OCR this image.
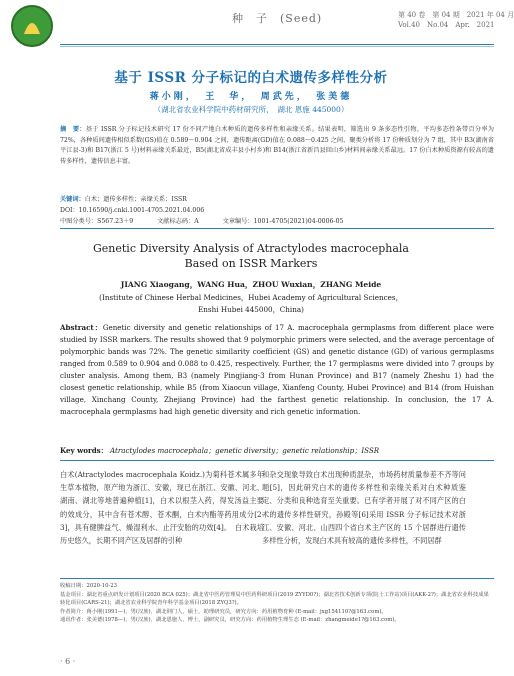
种　子　(Seed)	第 40 卷　第 04 期　2021 年 04 月
Vol.40　No.04　Apr.　2021
基于 ISSR 分子标记的白术遗传多样性分析
蒋小刚，　王　华，　周武先，　张美德
（湖北省农业科学院中药材研究所，　湖北 恩施 445000）
摘　要：基于 ISSR 分子标记技术研究 17 份不同产地白术种质的遗传多样性和亲缘关系。结果表明，筛选出 9 条多态性引物，平均多态性条带百分率为 72%，各种质间遗传相似系数(GS)值在 0.589～0.904 之间，遗传距离(GD)值在 0.088～0.425 之间，聚类分析将 17 份种质划分为 7 组，其中 B3(湖南省平江县-3)和 B17(浙江 5 号)材料亲缘关系最近，B5(湖北省成丰县小村乡)和 B14(浙江省新昌县回山乡)材料间亲缘关系最远。17 份白术种质资源有较高的遗传多样性，遗传信息丰富。
关键词：白术；遗传多样性；亲缘关系；ISSR
DOI：10.16590/j.cnki.1001-4705.2021.04.006
中图分类号：S567.23＋9	文献标志码：A	文章编号：1001-4705(2021)04-0006-05
Genetic Diversity Analysis of Atractylodes macrocephala
Based on ISSR Markers
JIANG Xiaogang，WANG Hua，ZHOU Wuxian，ZHANG Meide
(Institute of Chinese Herbal Medicines，Hubei Academy of Agricultural Sciences，
Enshi Hubei 445000，China)
Abstract：Genetic diversity and genetic relationships of 17 A. macrocephala germplasms from different place were studied by ISSR markers. The results showed that 9 polymorphic primers were selected, and the average percentage of polymorphic bands was 72%. The genetic similarity coefficient (GS) and genetic distance (GD) of various germplasms ranged from 0.589 to 0.904 and 0.088 to 0.425, respectively. Further, the 17 germplasms were divided into 7 groups by cluster analysis. Among them, B3 (namely Pingjiang-3 from Hunan Province) and B17 (namely Zheshu 1) had the closest genetic relationship, while B5 (from Xiaocun village, Xianfeng County, Hubei Province) and B14 (from Huishan village, Xinchang County, Zhejiang Province) had the farthest genetic relationship. In conclusion, the 17 A. macrocephala germplasms had high genetic diversity and rich genetic information.
Key words： Atractylodes macrocephala；genetic diversity；genetic relationship；ISSR
白术(Atractylodes macrocephala Koidz.)为菊科苍术属多年生草本植物，原产地为浙江、安徽，现已在浙江、安徽、河北、湖南、湖北等地普遍种植[1]，白术以根茎入药，得发汤益主要的效成分，其中含有苍术醇、苍术酮，白术内酯等药用成分[2-3]，具有健脾益气、燥湿利水、止汗安胎的功效[4]。　白术栽培历史悠久，长期不同产区及居群的引种
和杂交现象导致白术出现种质混杂，市场药材质量参差不齐等问题[5]，因此研究白术的遗传多样性和亲缘关系对白术种质鉴定、分类和良种选育至关重要。已有学者开展了对不同产区的白术的遗传多样性研究，孙殿等[6]采用 ISSR 分子标记技术对浙江、安徽、河北、山西四个省白术主产区的 15 个居群进行遗传多样性分析，发现白术具有较高的遗传多样性，不同居群
收稿日期：2020-10-23
基金项目：湖北省重点研发计划项目(2020 BCA 025)；湖北省中医药管理局中医药科研项目(2019 ZYYD0?)；湖北省技术创新专项(院士工作站)项目(AKK-2?)；湖北省农业科技成果转化项目(CARS-21)；湖北省农业科学院青年科学基金项目(2018 ZYQ3?)。
作者简介：蒋小刚(1991—)，男(汉族)，湖北荆门人，硕士，助理研究员，研究方向：药用植物育种 (E-mail：jxg154110?@163.com)。
通讯作者：张美德(1978—)，男(汉族)，湖北恩施人，博士，副研究员，研究方向：药用植物生理生态 (E-mail：zhangmeide1?@163.com)。
· 6 ·
